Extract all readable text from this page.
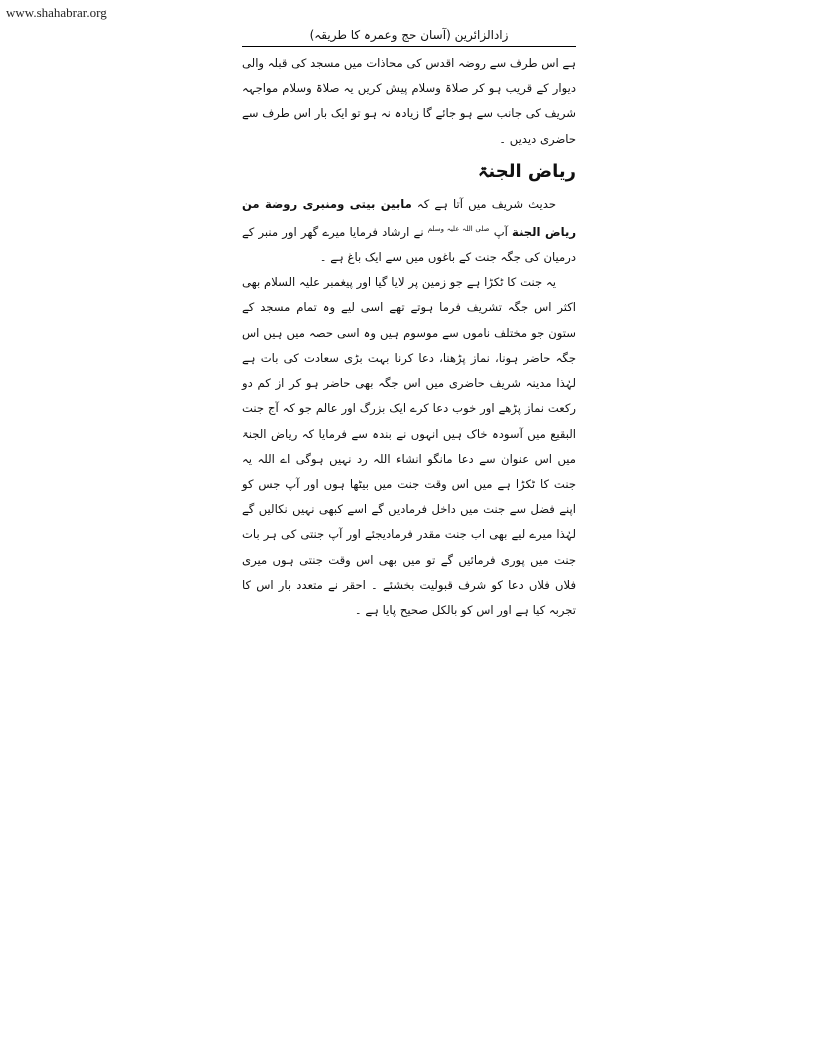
www.shahabrar.org
زادالزائرین (آسان حج وعمرہ کا طریقہ)

ہے اس طرف سے روضہ اقدس کی محاذات میں مسجد کی قبلہ والی دیوار کے قریب ہو کر صلاۃ وسلام پیش کریں یہ صلاۃ وسلام مواجہہ شریف کی جانب سے ہو جائے گا زیادہ نہ ہو تو ایک بار اس طرف سے حاضری دیدیں ۔

ریاض الجنۃ

حدیث شریف میں آتا ہے کہ مابین بیتی ومنبری روضة من رياض الجنة آپ $^{صلی اللہ علیہ وسلم}$ نے ارشاد فرمایا میرے گھر اور منبر کے درمیان کی جگہ جنت کے باغوں میں سے ایک باغ ہے ۔

یہ جنت کا ٹکڑا ہے جو زمین پر لایا گیا اور پیغمبر علیہ السلام بھی اکثر اس جگہ تشریف فرما ہوتے تھے اسی لیے وہ تمام مسجد کے ستون جو مختلف ناموں سے موسوم ہیں وہ اسی حصہ میں ہیں اس جگہ حاضر ہونا، نماز پڑھنا، دعا کرنا بہت بڑی سعادت کی بات ہے لہٰذا مدینہ شریف حاضری میں اس جگہ بھی حاضر ہو کر از کم دو رکعت نماز پڑھے اور خوب دعا کرے ایک بزرگ اور عالم جو کہ آج جنت البقیع میں آسودہ خاک ہیں انہوں نے بندہ سے فرمایا کہ ریاض الجنۃ میں اس عنوان سے دعا مانگو انشاء اللہ رد نہیں ہوگی اے اللہ یہ جنت کا ٹکڑا ہے میں اس وقت جنت میں بیٹھا ہوں اور آپ جس کو اپنے فضل سے جنت میں داخل فرمادیں گے اسے کبھی نہیں نکالیں گے لہٰذا میرے لیے بھی اب جنت مقدر فرمادیجئے اور آپ جنتی کی ہر بات جنت میں پوری فرمائیں گے تو میں بھی اس وقت جنتی ہوں میری فلاں فلاں دعا کو شرف قبولیت بخشئے ۔ احقر نے متعدد بار اس کا تجربہ کیا ہے اور اس کو بالکل صحیح پایا ہے ۔
